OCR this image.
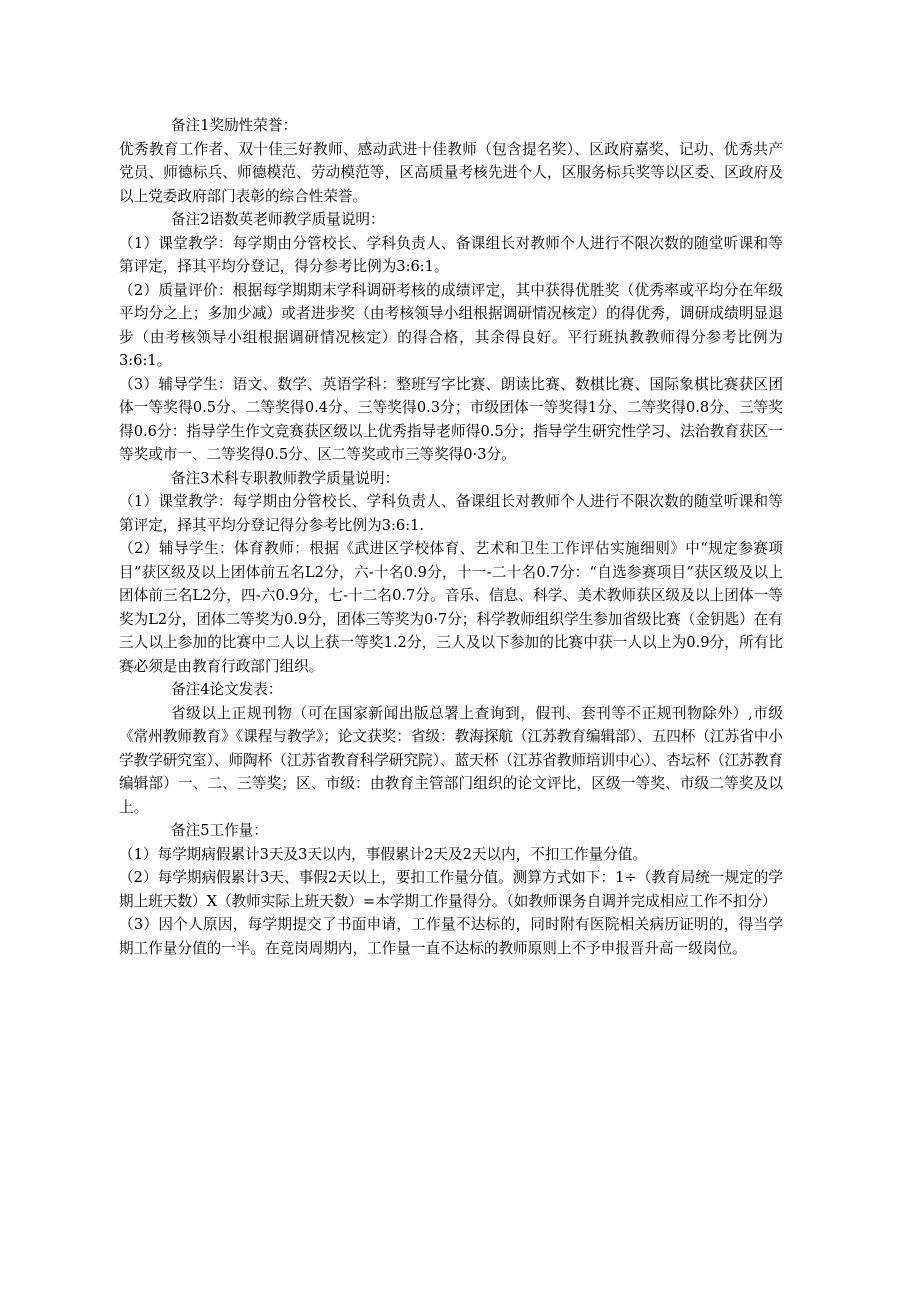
备注1奖励性荣誉：

优秀教育工作者、双十佳三好教师、感动武进十佳教师（包含提名奖）、区政府嘉奖、记功、优秀共产党员、师德标兵、师德模范、劳动模范等，区高质量考核先进个人，区服务标兵奖等以区委、区政府及以上党委政府部门表彰的综合性荣誉。

备注2语数英老师教学质量说明：

（1）课堂教学：每学期由分管校长、学科负责人、备课组长对教师个人进行不限次数的随堂听课和等第评定，择其平均分登记，得分参考比例为3:6:1。

（2）质量评价：根据每学期期末学科调研考核的成绩评定，其中获得优胜奖（优秀率或平均分在年级平均分之上；多加少减）或者进步奖（由考核领导小组根据调研情况核定）的得优秀，调研成绩明显退步（由考核领导小组根据调研情况核定）的得合格，其余得良好。平行班执教教师得分参考比例为3:6:1。

（3）辅导学生：语文、数学、英语学科：整班写字比赛、朗读比赛、数棋比赛、国际象棋比赛获区团体一等奖得0.5分、二等奖得0.4分、三等奖得0.3分；市级团体一等奖得1分、二等奖得0.8分、三等奖得0.6分：指导学生作文竞赛获区级以上优秀指导老师得0.5分；指导学生研究性学习、法治教育获区一等奖或市一、二等奖得0.5分、区二等奖或市三等奖得0·3分。

备注3术科专职教师教学质量说明：

（1）课堂教学：每学期由分管校长、学科负责人、备课组长对教师个人进行不限次数的随堂听课和等第评定，择其平均分登记得分参考比例为3:6:1.

（2）辅导学生：体育教师：根据《武进区学校体育、艺术和卫生工作评估实施细则》中“规定参赛项目”获区级及以上团体前五名L2分，六-十名0.9分，十一-二十名0.7分：“自选参赛项目”获区级及以上团体前三名L2分，四-六0.9分，七-十二名0.7分。音乐、信息、科学、美术教师获区级及以上团体一等奖为L2分，团体二等奖为0.9分，团体三等奖为0·7分；科学教师组织学生参加省级比赛（金钥匙）在有三人以上参加的比赛中二人以上获一等奖1.2分，三人及以下参加的比赛中获一人以上为0.9分，所有比赛必须是由教育行政部门组织。

备注4论文发表：

省级以上正规刊物（可在国家新闻出版总署上查询到，假刊、套刊等不正规刊物除外）,市级《常州教师教育》《课程与教学》；论文获奖：省级：教海探航（江苏教育编辑部）、五四杯（江苏省中小学教学研究室）、师陶杯（江苏省教育科学研究院）、蓝天杯（江苏省教师培训中心）、杏坛杯（江苏教育编辑部）一、二、三等奖；区、市级：由教育主管部门组织的论文评比，区级一等奖、市级二等奖及以上。

备注5工作量：

（1）每学期病假累计3天及3天以内，事假累计2天及2天以内，不扣工作量分值。

（2）每学期病假累计3天、事假2天以上，要扣工作量分值。测算方式如下：1÷（教育局统一规定的学期上班天数）X（教师实际上班天数）=本学期工作量得分。（如教师课务自调并完成相应工作不扣分）

（3）因个人原因，每学期提交了书面申请，工作量不达标的，同时附有医院相关病历证明的，得当学期工作量分值的一半。在竞岗周期内，工作量一直不达标的教师原则上不予申报晋升高一级岗位。
